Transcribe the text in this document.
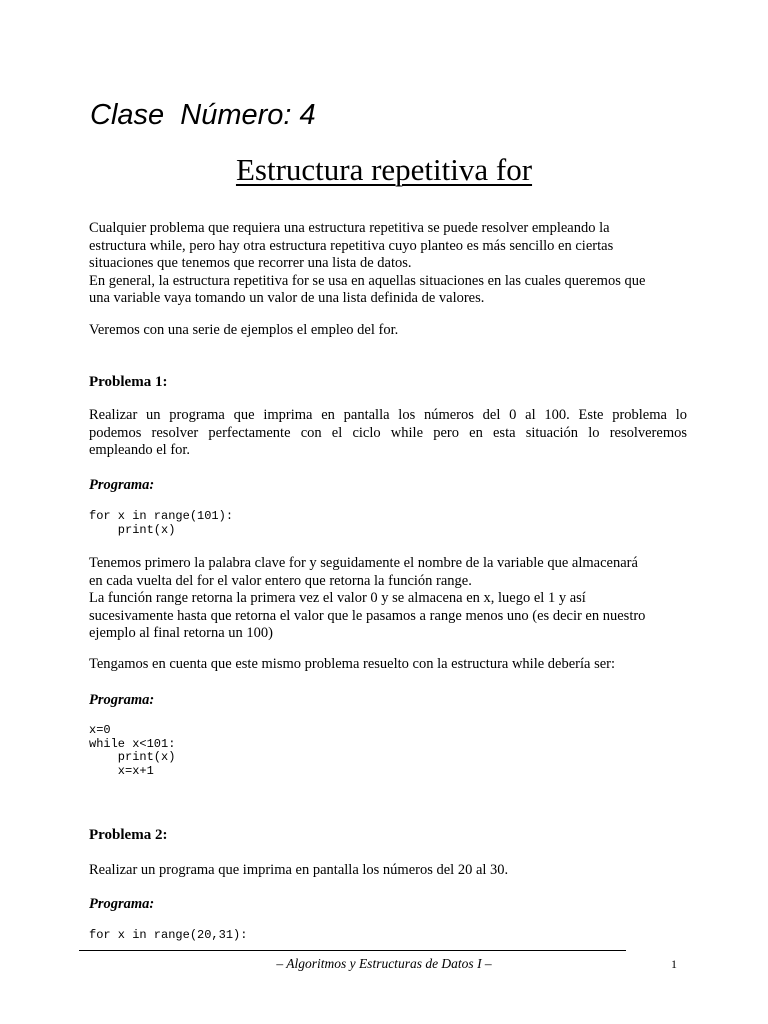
Clase  Número: 4
Estructura repetitiva for

Cualquier problema que requiera una estructura repetitiva se puede resolver empleando la
estructura while, pero hay otra estructura repetitiva cuyo planteo es más sencillo en ciertas
situaciones que tenemos que recorrer una lista de datos.
En general, la estructura repetitiva for se usa en aquellas situaciones en las cuales queremos que
una variable vaya tomando un valor de una lista definida de valores.

Veremos con una serie de ejemplos el empleo del for.

Problema 1:

Realizar un programa que imprima en pantalla los números del 0 al 100. Este problema lo
podemos resolver perfectamente con el ciclo while pero en esta situación lo resolveremos
empleando el for.

Programa:

for x in range(101):
print(x)

Tenemos primero la palabra clave for y seguidamente el nombre de la variable que almacenará
en cada vuelta del for el valor entero que retorna la función range.
La función range retorna la primera vez el valor 0 y se almacena en x, luego el 1 y así
sucesivamente hasta que retorna el valor que le pasamos a range menos uno (es decir en nuestro
ejemplo al final retorna un 100)

Tengamos en cuenta que este mismo problema resuelto con la estructura while debería ser:

Programa:

x=0
while x<101:
print(x)
x=x+1
Problema 2:

Realizar un programa que imprima en pantalla los números del 20 al 30.

Programa:

for x in range(20,31):

– Algoritmos y Estructuras de Datos I –	1
